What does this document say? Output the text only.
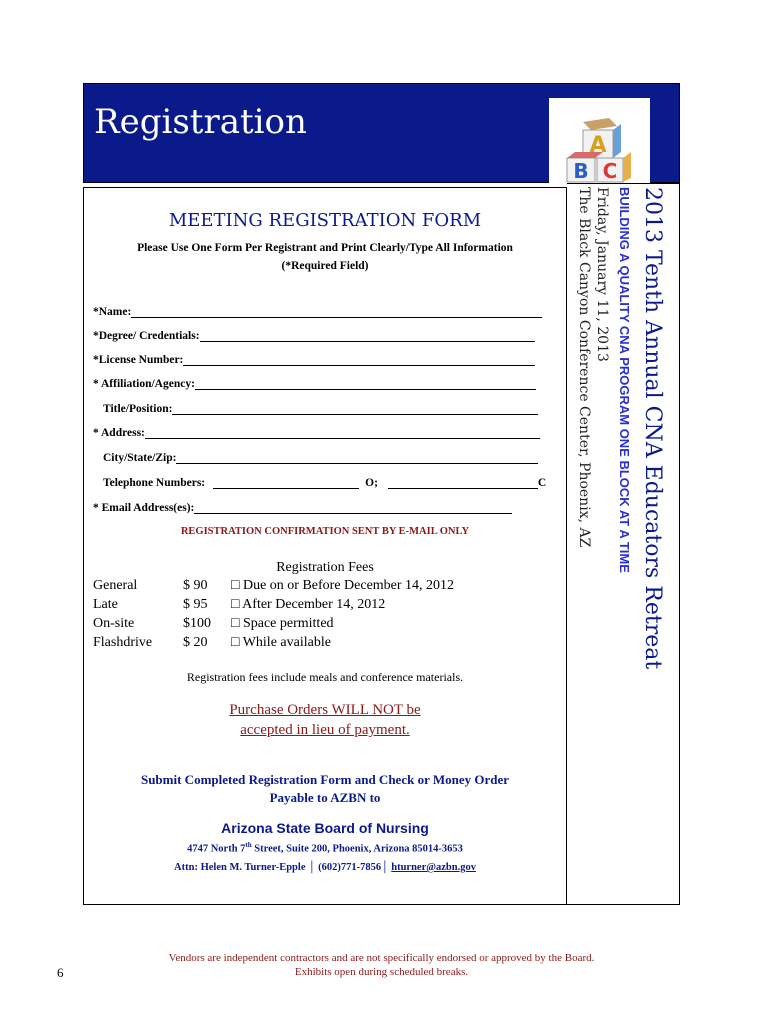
Registration
A
B C
2013 Tenth Annual CNA Educators Retreat
BUILDING A QUALITY CNA PROGRAM ONE BLOCK AT A TIME
Friday, January 11, 2013
The Black Canyon Conference Center, Phoenix, AZ
MEETING REGISTRATION FORM
Please Use One Form Per Registrant and Print Clearly/Type All Information
(*Required Field)
*Name:
*Degree/ Credentials:
*License Number:
* Affiliation/Agency:
Title/Position:
* Address:
City/State/Zip:
Telephone Numbers:	O;	C
* Email Address(es):
REGISTRATION CONFIRMATION SENT BY E-MAIL ONLY
Registration Fees
General	$ 90 □ Due on or Before December 14, 2012
Late	$ 95 □ After December 14, 2012
On-site	$100 □ Space permitted
Flashdrive $ 20 □ While available
Registration fees include meals and conference materials.
Purchase Orders WILL NOT be
accepted in lieu of payment.
Submit Completed Registration Form and Check or Money Order
Payable to AZBN to
Arizona State Board of Nursing
4747 North 7th Street, Suite 200, Phoenix, Arizona 85014-3653
Attn: Helen M. Turner-Epple │ (602)771-7856│ hturner@azbn.gov
Vendors are independent contractors and are not specifically endorsed or approved by the Board.
Exhibits open during scheduled breaks.
6
